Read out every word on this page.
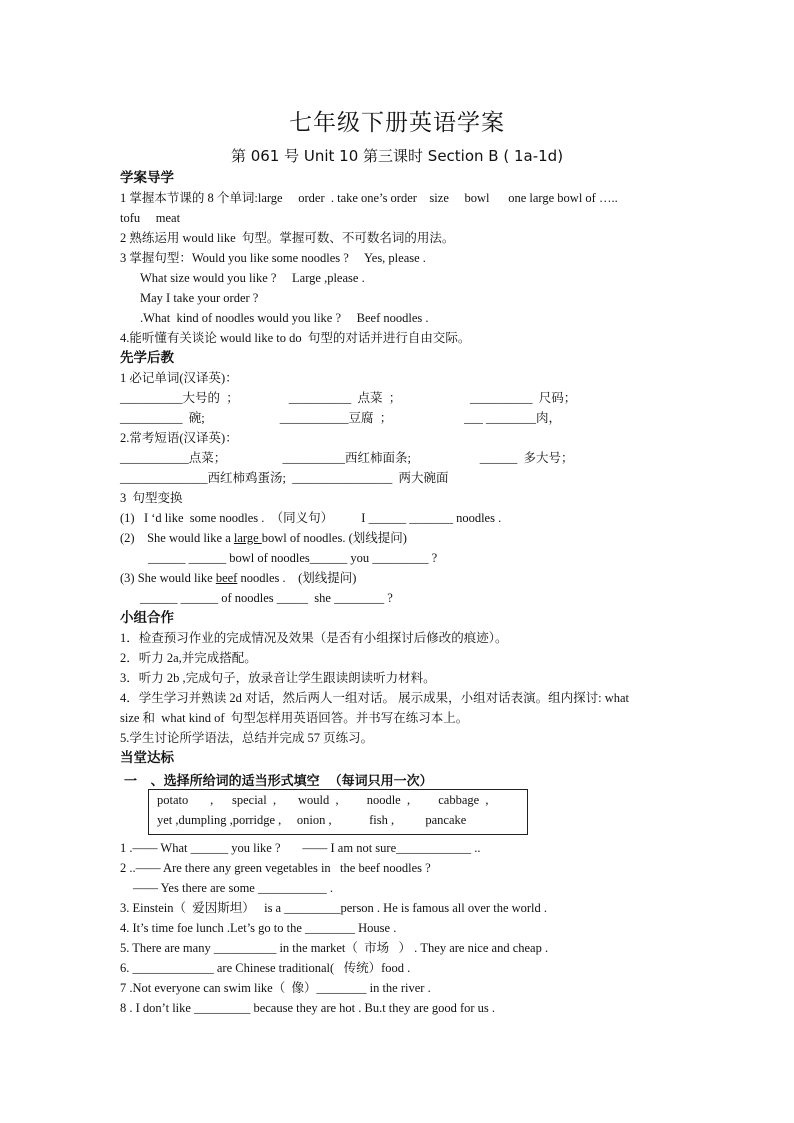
七年级下册英语学案
第 061 号 Unit 10 第三课时 Section B ( 1a-1d)
学案导学
1 掌握本节课的 8 个单词:large     order  . take one’s order    size     bowl      one large bowl of …..
tofu     meat
2 熟练运用 would like  句型。掌握可数、不可数名词的用法。
3 掌握句型：Would you like some noodles ?     Yes, please .
What size would you like ?     Large ,please .
May I take your order ?
.What  kind of noodles would you like ?     Beef noodles .
4.能听懂有关谈论 would like to do  句型的对话并进行自由交际。
先学后教
1 必记单词(汉译英)：
__________大号的  ；                __________  点菜  ；                      __________  尺码；
__________  碗;                        ___________豆腐  ；                       ___ ________肉，
2.常考短语(汉译英)：
___________点菜；                  __________西红柿面条;                      ______  多大号；
______________西红柿鸡蛋汤;  ________________  两大碗面
3  句型变换
(1)   I ‘d like  some noodles .  （同义句）         I ______ _______ noodles .
(2)    She would like a large bowl of noodles. (划线提问)
______ ______ bowl of noodles______ you _________ ?
(3) She would like beef noodles .    (划线提问)
______ ______ of noodles _____  she ________ ?
小组合作
1．检查预习作业的完成情况及效果（是否有小组探讨后修改的痕迹）。
2．听力 2a,并完成搭配。
3．听力 2b ,完成句子，放录音让学生跟读朗读听力材料。
4．学生学习并熟读 2d 对话，然后两人一组对话。 展示成果，小组对话表演。组内探讨: what
size 和  what kind of  句型怎样用英语回答。并书写在练习本上。
5.学生讨论所学语法，总结并完成 57 页练习。
当堂达标
一   、选择所给词的适当形式填空  （每词只用一次）
potato       ,      special  ,       would  ,         noodle  ,         cabbage  ,
yet ,dumpling ,porridge ,     onion ,            fish ,          pancake
1 .—— What ______ you like ?       —— I am not sure____________ ..
2 ..—— Are there any green vegetables in   the beef noodles ?
—— Yes there are some ___________ .
3. Einstein（  爱因斯坦）   is a _________person . He is famous all over the world .
4. It’s time foe lunch .Let’s go to the ________ House .
5. There are many __________ in the market（  市场   ） . They are nice and cheap .
6. _____________ are Chinese traditional(   传统）food .
7 .Not everyone can swim like（  像）________ in the river .
8 . I don’t like _________ because they are hot . Bu.t they are good for us .
